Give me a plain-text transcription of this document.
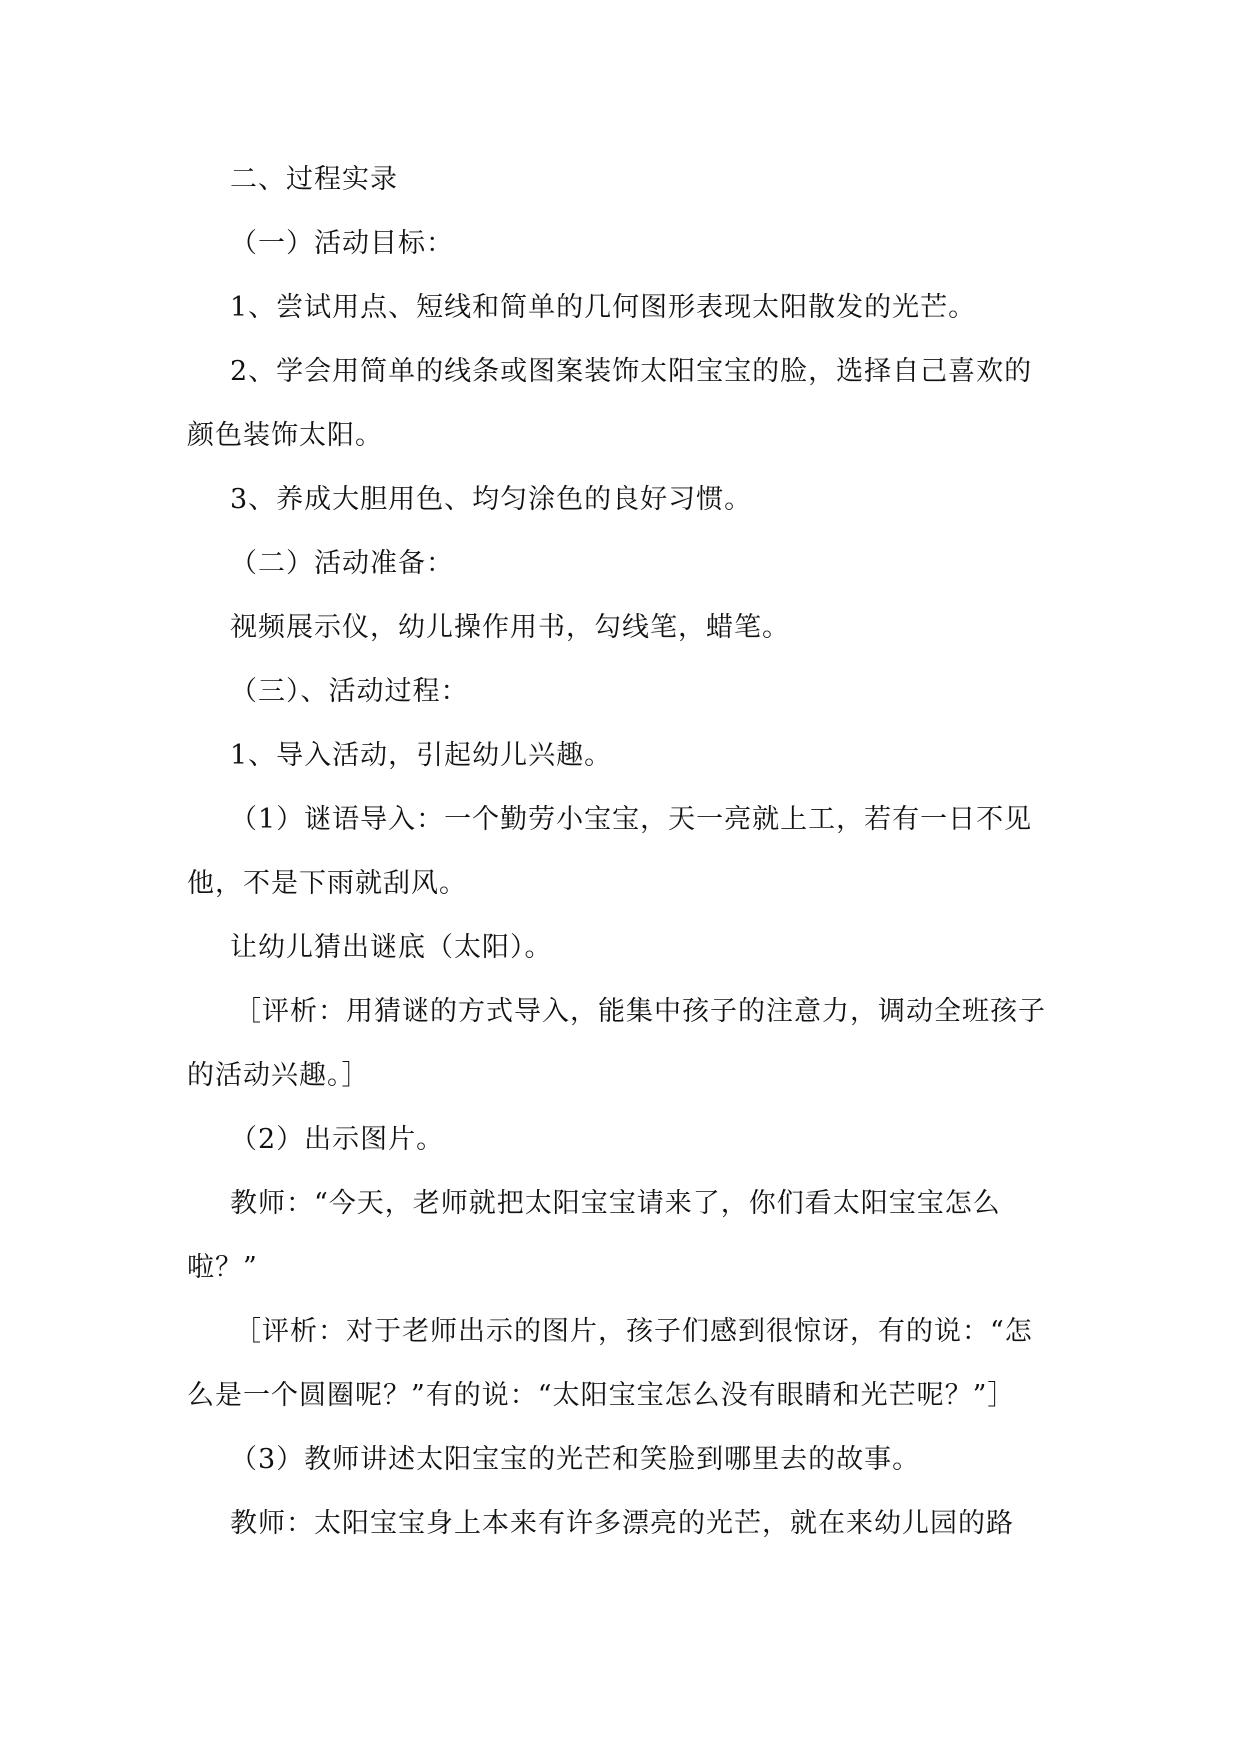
二、过程实录
（一）活动目标：
1、尝试用点、短线和简单的几何图形表现太阳散发的光芒。
2、学会用简单的线条或图案装饰太阳宝宝的脸，选择自己喜欢的
颜色装饰太阳。
3、养成大胆用色、均匀涂色的良好习惯。
（二）活动准备：
视频展示仪，幼儿操作用书，勾线笔，蜡笔。
（三）、活动过程：
1、导入活动，引起幼儿兴趣。
（1）谜语导入：一个勤劳小宝宝，天一亮就上工，若有一日不见
他，不是下雨就刮风。
让幼儿猜出谜底（太阳）。
［评析：用猜谜的方式导入，能集中孩子的注意力，调动全班孩子
的活动兴趣。］
（2）出示图片。
教师：“今天，老师就把太阳宝宝请来了，你们看太阳宝宝怎么
啦？”
［评析：对于老师出示的图片，孩子们感到很惊讶，有的说：“怎
么是一个圆圈呢？”有的说：“太阳宝宝怎么没有眼睛和光芒呢？”］
（3）教师讲述太阳宝宝的光芒和笑脸到哪里去的故事。
教师：太阳宝宝身上本来有许多漂亮的光芒，就在来幼儿园的路
